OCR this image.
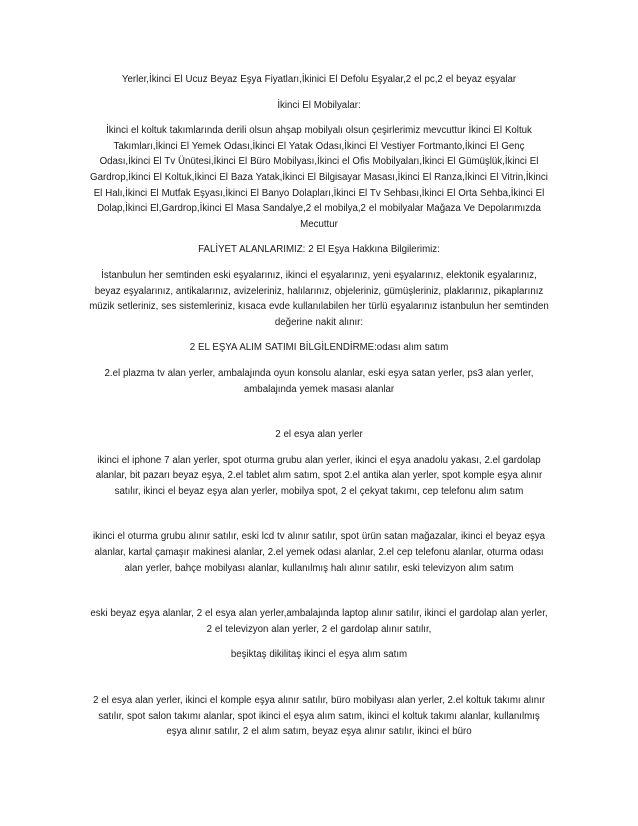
Yerler,İkinci El Ucuz Beyaz Eşya Fiyatları,İkinici El Defolu Eşyalar,2 el pc,2 el beyaz eşyalar

İkinci El Mobilyalar:

İkinci el koltuk takımlarında derili olsun ahşap mobilyalı olsun çeşirlerimiz mevcuttur İkinci El Koltuk Takımları,İkinci El Yemek Odası,İkinci El Yatak Odası,İkinci El Vestiyer Fortmanto,İkinci El Genç Odası,İkinci El Tv Ünütesi,İkinci El Büro Mobilyası,İkinci el Ofis Mobilyaları,İkinci El Gümüşlük,İkinci El Gardrop,İkinci El Koltuk,İkinci El Baza Yatak,İkinci El Bilgisayar Masası,İkinci El Ranza,İkinci El Vitrin,İkinci El Halı,İkinci El Mutfak Eşyası,İkinci El Banyo Dolapları,İkinci El Tv Sehbası,İkinci El Orta Sehba,İkinci El Dolap,İkinci El,Gardrop,İkinci El Masa Sandalye,2 el mobilya,2 el mobilyalar Mağaza Ve Depolarımızda Mecuttur

FALİYET ALANLARIMIZ: 2 El Eşya Hakkına Bilgilerimiz:

İstanbulun her semtinden eski eşyalarınız, ikinci el eşyalarınız, yeni eşyalarınız, elektonik eşyalarınız, beyaz eşyalarınız, antikalarınız, avizeleriniz, halılarınız, objeleriniz, gümüşleriniz, plaklarınız, pikaplarınız müzik setleriniz, ses sistemleriniz, kısaca evde kullanılabilen her türlü eşyalarınız istanbulun her semtinden değerine nakit alınır:

2 EL EŞYA ALIM SATIMI BİLGİLENDİRME:odası alım satım

2.el plazma tv alan yerler, ambalajında oyun konsolu alanlar, eski eşya satan yerler, ps3 alan yerler, ambalajında yemek masası alanlar

2 el esya alan yerler

ikinci el iphone 7 alan yerler, spot oturma grubu alan yerler, ikinci el eşya anadolu yakası, 2.el gardolap alanlar, bit pazarı beyaz eşya, 2.el tablet alım satım, spot 2.el antika alan yerler, spot komple eşya alınır satılır, ikinci el beyaz eşya alan yerler, mobilya spot, 2 el çekyat takımı, cep telefonu alım satım

ikinci el oturma grubu alınır satılır, eski lcd tv alınır satılır, spot ürün satan mağazalar, ikinci el beyaz eşya alanlar, kartal çamaşır makinesi alanlar, 2.el yemek odası alanlar, 2.el cep telefonu alanlar, oturma odası alan yerler, bahçe mobilyası alanlar, kullanılmış halı alınır satılır, eski televizyon alım satım

eski beyaz eşya alanlar, 2 el esya alan yerler,ambalajında laptop alınır satılır, ikinci el gardolap alan yerler, 2 el televizyon alan yerler, 2 el gardolap alınır satılır,

beşiktaş dikilitaş ikinci el eşya alım satım

2 el esya alan yerler, ikinci el komple eşya alınır satılır, büro mobilyası alan yerler, 2.el koltuk takımı alınır satılır, spot salon takımı alanlar, spot ikinci el eşya alım satım, ikinci el koltuk takımı alanlar, kullanılmış eşya alınır satılır, 2 el alım satım, beyaz eşya alınır satılır, ikinci el büro
